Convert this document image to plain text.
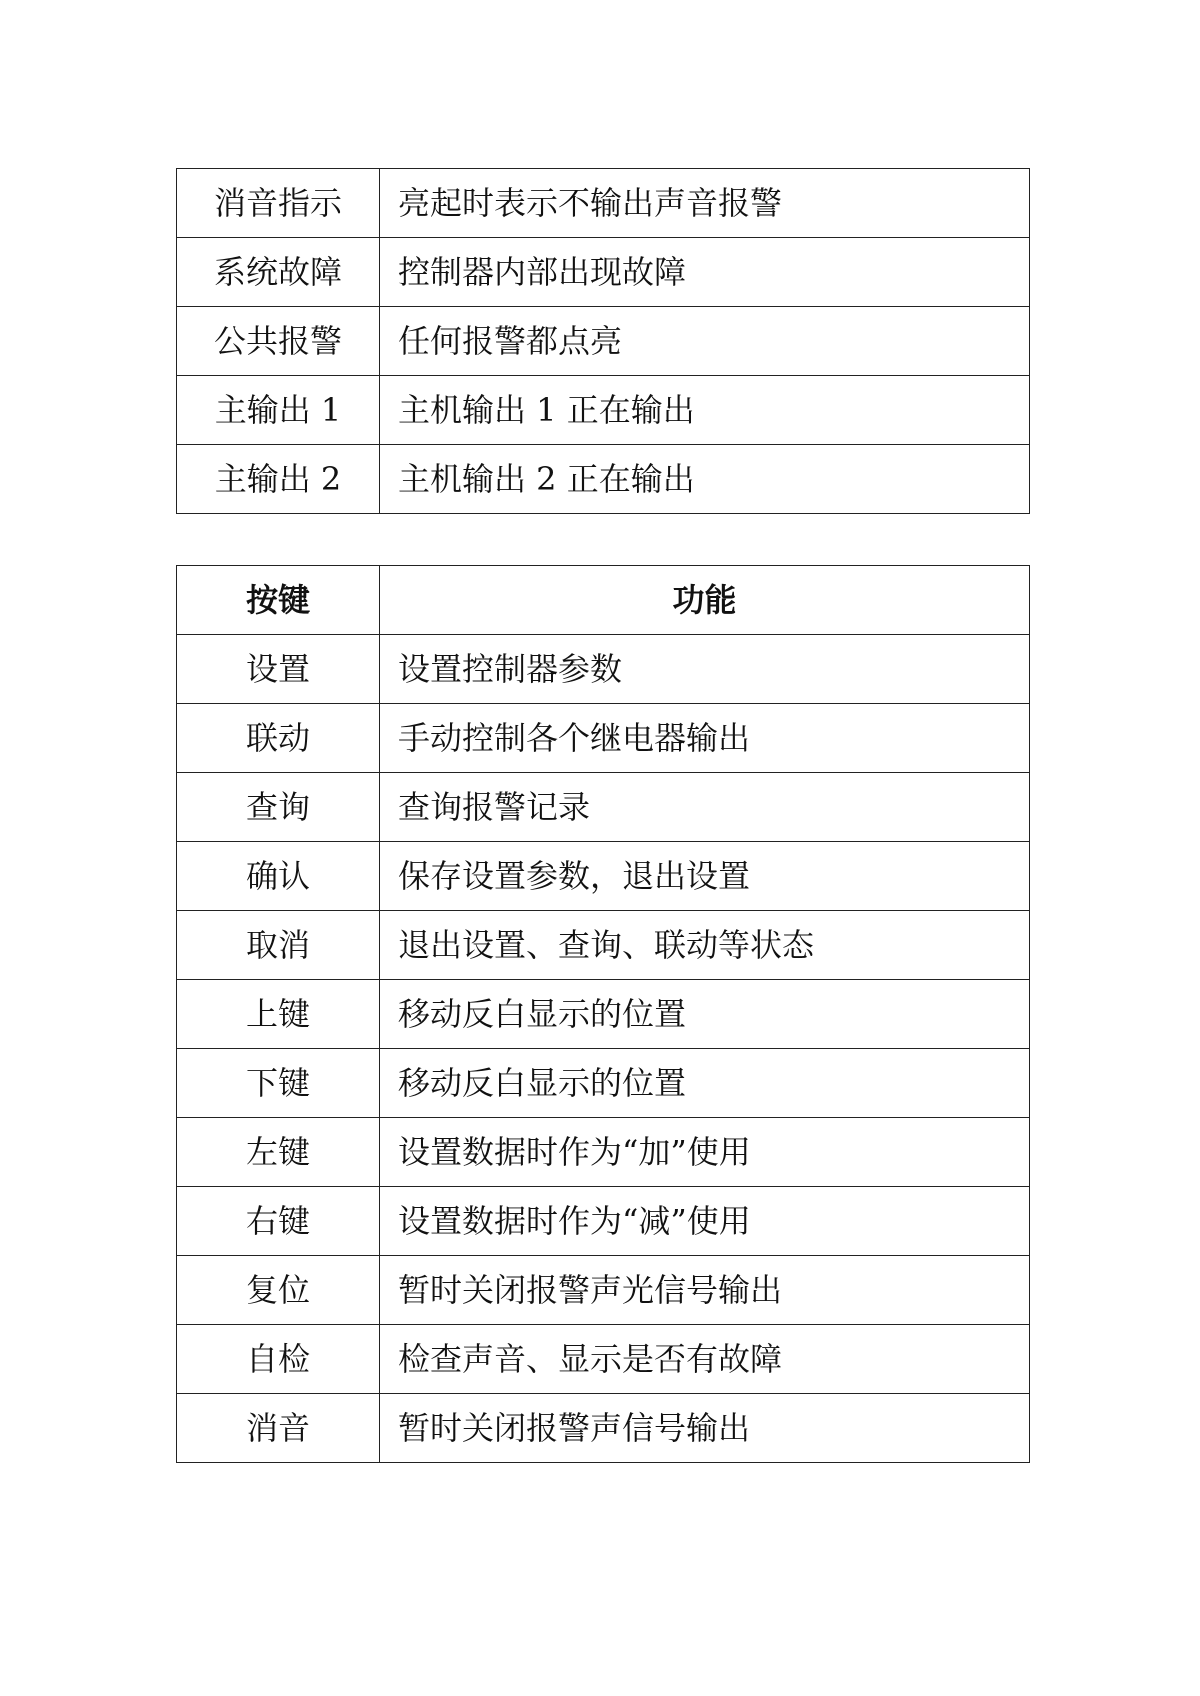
消音指示	亮起时表示不输出声音报警
系统故障	控制器内部出现故障
公共报警	任何报警都点亮
主输出 1	主机输出 1 正在输出
主输出 2	主机输出 2 正在输出
按键	功能
设置	设置控制器参数
联动	手动控制各个继电器输出
查询	查询报警记录
确认	保存设置参数，退出设置
取消	退出设置、查询、联动等状态
上键	移动反白显示的位置
下键	移动反白显示的位置
左键	设置数据时作为“加”使用
右键	设置数据时作为“减”使用
复位	暂时关闭报警声光信号输出
自检	检查声音、显示是否有故障
消音	暂时关闭报警声信号输出
